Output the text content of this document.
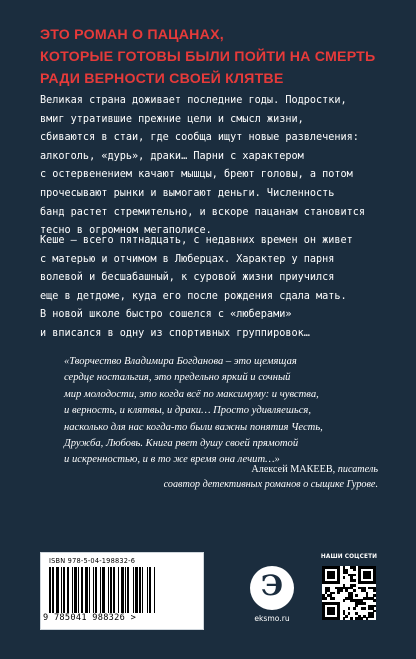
ЭТО РОМАН О ПАЦАНАХ,
КОТОРЫЕ ГОТОВЫ БЫЛИ ПОЙТИ НА СМЕРТЬ
РАДИ ВЕРНОСТИ СВОЕЙ КЛЯТВЕ
Великая страна доживает последние годы. Подростки,
вмиг утратившие прежние цели и смысл жизни,
сбиваются в стаи, где сообща ищут новые развлечения:
алкоголь, «дурь», драки… Парни с характером
с остервенением качают мышцы, бреют головы, а потом
прочесывают рынки и вымогают деньги. Численность
банд растет стремительно, и вскоре пацанам становится
тесно в огромном мегаполисе.
Кеше – всего пятнадцать, с недавних времен он живет
с матерью и отчимом в Люберцах. Характер у парня
волевой и бесшабашный, к суровой жизни приучился
еще в детдоме, куда его после рождения сдала мать.
В новой школе быстро сошелся с «люберами»
и вписался в одну из спортивных группировок…
«Творчество Владимира Богданова – это щемящая
сердце ностальгия, это предельно яркий и сочный
мир молодости, это когда всё по максимуму: и чувства,
и верность, и клятвы, и драки… Просто удивляешься,
насколько для нас когда-то были важны понятия Честь,
Дружба, Любовь. Книга рвет душу своей прямотой
и искренностью, и в то же время она лечит…»
Алексей МАКЕЕВ, писатель
соавтор детективных романов о сыщике Гурове.
ISBN 978-5-04-198832-6
9 785041 988326 >
Э
eksmo.ru
НАШИ СОЦСЕТИ
